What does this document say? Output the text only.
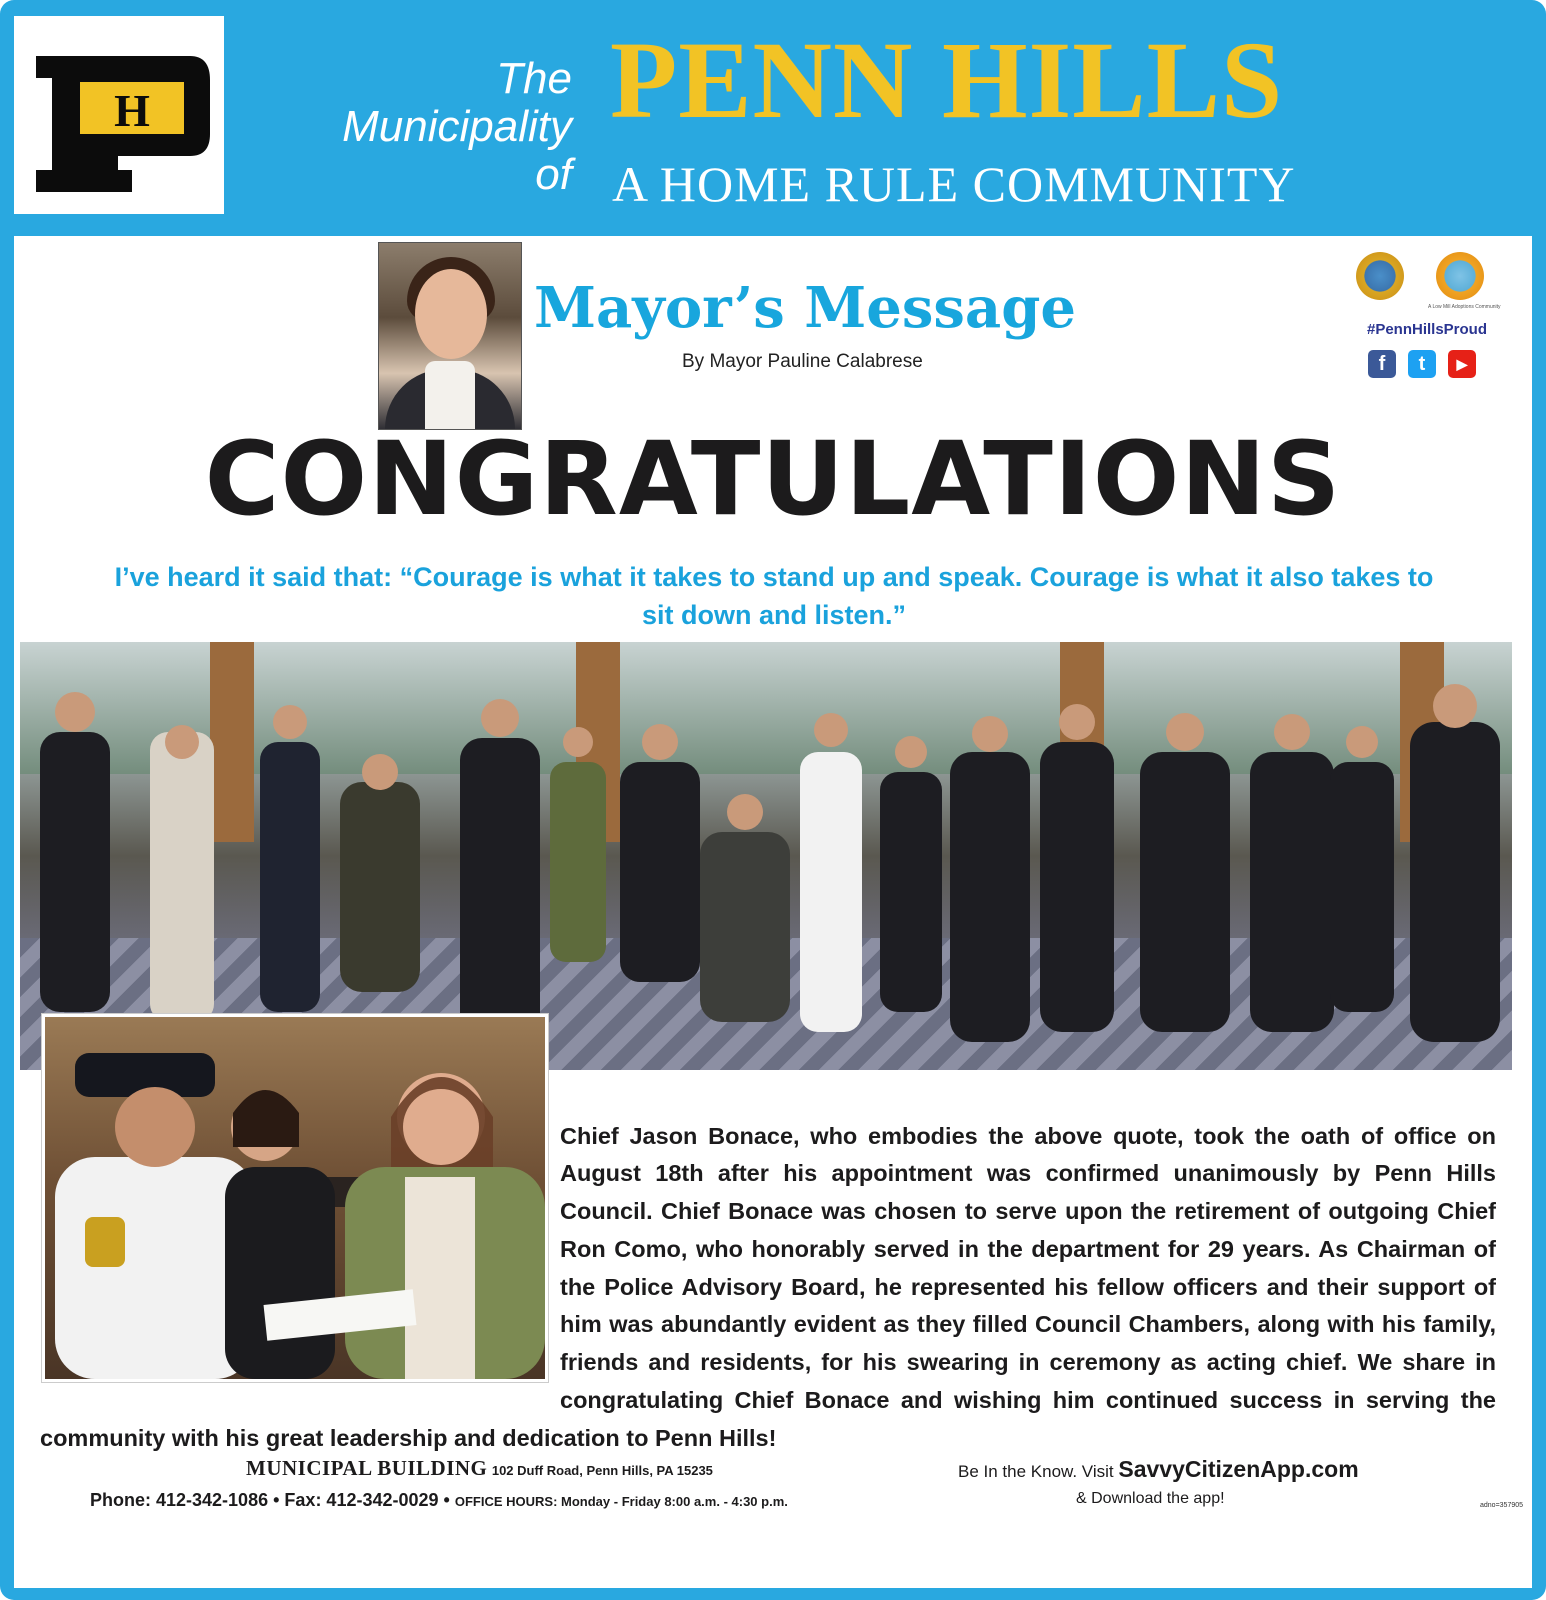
H
The
Municipality
of
PENN HILLS
A HOME RULE COMMUNITY
Mayor’s Message
By Mayor Pauline Calabrese
A Low Mill Adoptions Community
#PennHillsProud
f	t	▶
CONGRATULATIONS
I’ve heard it said that: “Courage is what it takes to stand up and speak. Courage is what it also takes to sit down and listen.”

Chief Jason Bonace, who embodies the above quote, took the oath of office on August 18th after his appointment was confirmed unanimously by Penn Hills Council. Chief Bonace was chosen to serve upon the retirement of outgoing Chief Ron Como, who honorably served in the department for 29 years. As Chairman of the Police Advisory Board, he represented his fellow officers and their support of him was abundantly evident as they filled Council Chambers, along with his family, friends and residents, for his swearing in ceremony as acting chief. We share in congratulating Chief Bonace and wishing him continued success in serving the community with his great leadership and dedication to Penn Hills!

MUNICIPAL BUILDING 102 Duff Road, Penn Hills, PA 15235
Phone: 412-342-1086 • Fax: 412-342-0029 • OFFICE HOURS: Monday - Friday 8:00 a.m. - 4:30 p.m.
Be In the Know. Visit SavvyCitizenApp.com
& Download the app!	adno=357905
